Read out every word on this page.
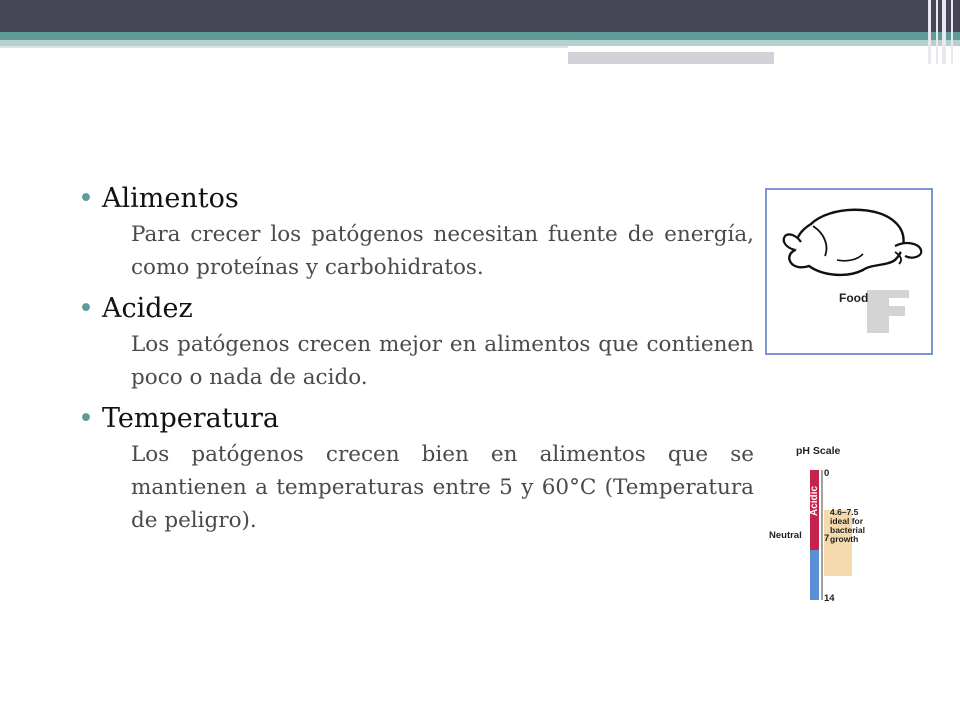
• Alimentos

Para crecer los patógenos necesitan fuente de energía, como proteínas y carbohidratos.

• Acidez

Los patógenos crecen mejor en alimentos que contienen poco o nada de acido.

• Temperatura

Los patógenos crecen bien en alimentos que se mantienen a temperaturas entre 5 y 60°C (Temperatura de peligro).

Food
pH Scale
Acidic
Alkaline
Neutral
0
7
14
4.6–7.5
ideal for
bacterial
growth
